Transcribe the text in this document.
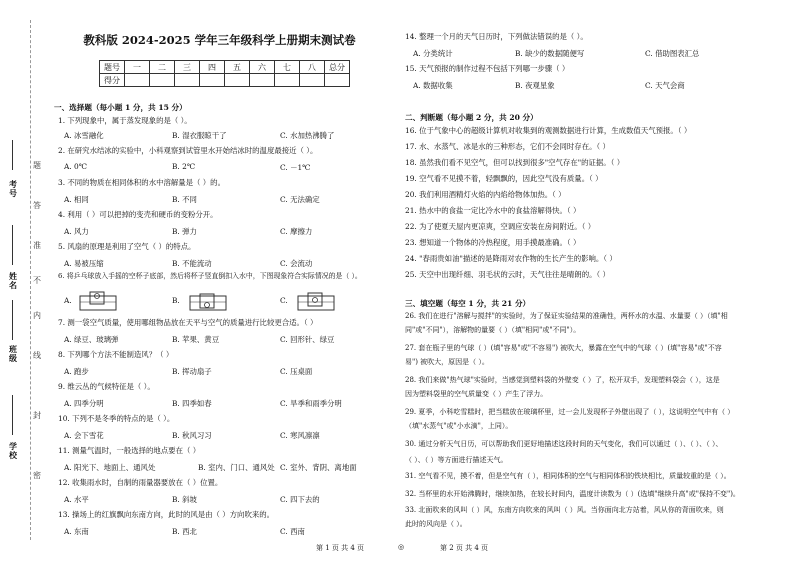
考号
姓名
班级
学校
密
封
线
内
不
准
答
题
教科版 2024-2025 学年三年级科学上册期末测试卷
题号	一	二	三	四	五	六	七	八	总分
得分									
一、选择题（每小题 1 分，共 15 分）
1. 下列现象中，属于蒸发现象的是（ ）。
A. 冰雪融化	B. 湿衣服晾干了	C. 水加热沸腾了
2. 在研究水结冰的实验中，小科观察到试管里水开始结冰时的温度最接近（ ）。
A. 0℃	B. 2℃	C. －1℃
3. 不同的物质在相同体积的水中溶解量是（ ）的。
A. 相同	B. 不同	C. 无法确定
4. 利用（ ）可以把掉的变壳和硬币的变粉分开。
A. 风力	B. 弹力	C. 摩擦力
5. 风扇的原理是利用了空气（ ）的特点。
A. 易被压缩	B. 不能流动	C. 会流动
6. 将乒乓球放入手摇的空杯子底部，然后将杯子竖直倒扣入水中，下图现象符合实际情况的是（ ）。
A.	B.	C.
7. 测一袋空气质量，使用哪组物品放在天平与空气的质量进行比较更合适。（ ）
A. 绿豆、玻璃弹	B. 苹果、黄豆	C. 回形针、绿豆
8. 下列哪个方法不能制造风？（ ）
A. 跑步	B. 挥动扇子	C. 压桌面
9. 维云丛的气候特征是（ ）。
A. 四季分明	B. 四季如春	C. 旱季和雨季分明
10. 下列不是冬季的特点的是（ ）。
A. 会下雪花	B. 秋风习习	C. 寒风凛凛
11. 测量气温时，一般选择的地点要在（ ）
A. 阳光下、地面上、通风处	B. 室内、门口、通风处 C. 室外、背阴、离地面
12. 收集雨水时，自制的雨量器要放在（ ）位置。
A. 水平	B. 斜坡	C. 四下去的
13. 操场上的红旗飘向东南方向，此时的风是由（ ）方向吹来的。
A. 东南	B. 西北	C. 西南
14. 整理一个月的天气日历时，下列做法错误的是（ ）。
A. 分类统计	B. 缺少的数据随便写	C. 借助图表汇总
15. 天气预报的制作过程不包括下列哪一步骤（ ）
A. 数据收集	B. 夜观星象	C. 天气会商
二、判断题（每小题 2 分，共 20 分）
16. 位于气象中心的超级计算机对收集到的观测数据进行计算，生成数值天气预报。（ ）
17. 水、水蒸气、冰是水的三种形态，它们不会同时存在。（ ）
18. 虽然我们看不见空气，但可以找到很多"空气存在"的证据。（ ）
19. 空气看不见摸不着，轻飘飘的，因此空气没有质量。（ ）
20. 我们利用酒精灯火焰的内焰给物体加热。（ ）
21. 热水中的食盐一定比冷水中的食盐溶解得快。（ ）
22. 为了使夏天屋内更凉爽，空调应安装在房间附近。（ ）
23. 想知道一个物体的冷热程度，用手摸最准确。（ ）
24. "春雨贵如油"描述的是降雨对农作物的生长产生的影响。（ ）
25. 天空中出现纤细、羽毛状的云时，天气往往是晴朗的。（ ）
三、填空题（每空 1 分，共 21 分）
26. 我们在进行"溶解与搅拌"的实验时，为了保证实验结果的准确性，两杯水的水温、水量要（ ）（填"相
同"或"不同"），溶解物的量要（ ）（填"相同"或"不同"）。
27. 套在瓶子里的气球（ ）(填"容易"或"不容易") 被吹大，暴露在空气中的气球（ ）(填"容易"或"不容
易") 被吹大，原因是（ ）。
28. 我们来做"热气球"实验时，当感觉到塑料袋的外壁变（ ）了，松开双手，发现塑料袋会（ ），这是
因为塑料袋里的空气质量变（ ）产生了浮力。
29. 夏季，小科吃雪糕时，把当糕放在玻璃杯里，过一会儿发现杯子外壁出现了（ ），这说明空气中有（ ）
（填"水蒸气"或"小水滴"，上同）。
30. 通过分析天气日历，可以帮助我们更好地描述这段时间的天气变化，我们可以通过（ ）、（ ）、（ ）、
（ ）、（ ）等方面进行描述天气。
31. 空气看不见，摸不着，但是空气有（ ），相同体积的空气与相同体积的铁块相比，质量较重的是（ ）。
32. 当杯里的水开始沸腾时，继续加热，在较长时间内，温度计读数为（ ）(选填"继续升高"或"保持不变")。
33. 北面吹来的风叫（ ）风，东南方向吹来的风叫（ ）风。当你面向北方站着，风从你的背面吹来，则
此时的风向是（ ）。
第 1 页 共 4 页	◎	第 2 页 共 4 页
